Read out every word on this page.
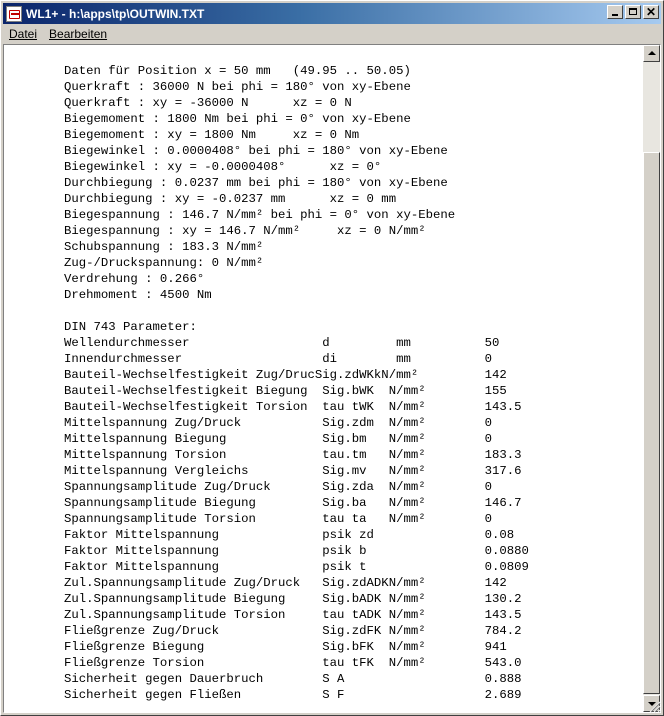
WL1+ - h:\apps\tp\OUTWIN.TXT	✕
Datei	Bearbeiten
Daten für Position x = 50 mm   (49.95 .. 50.05)
Querkraft : 36000 N bei phi = 180° von xy-Ebene
Querkraft : xy = -36000 N      xz = 0 N
Biegemoment : 1800 Nm bei phi = 0° von xy-Ebene
Biegemoment : xy = 1800 Nm     xz = 0 Nm
Biegewinkel : 0.0000408° bei phi = 180° von xy-Ebene
Biegewinkel : xy = -0.0000408°      xz = 0°
Durchbiegung : 0.0237 mm bei phi = 180° von xy-Ebene
Durchbiegung : xy = -0.0237 mm      xz = 0 mm
Biegespannung : 146.7 N/mm² bei phi = 0° von xy-Ebene
Biegespannung : xy = 146.7 N/mm²     xz = 0 N/mm²
Schubspannung : 183.3 N/mm²
Zug-/Druckspannung: 0 N/mm²
Verdrehung : 0.266°
Drehmoment : 4500 Nm
DIN 743 Parameter:
Wellendurchmesser                  d         mm          50
Innendurchmesser                   di        mm          0
Bauteil-Wechselfestigkeit Zug/DrucSig.zdWKkN/mm²         142
Bauteil-Wechselfestigkeit Biegung  Sig.bWK  N/mm²        155
Bauteil-Wechselfestigkeit Torsion  tau tWK  N/mm²        143.5
Mittelspannung Zug/Druck           Sig.zdm  N/mm²        0
Mittelspannung Biegung             Sig.bm   N/mm²        0
Mittelspannung Torsion             tau.tm   N/mm²        183.3
Mittelspannung Vergleichs          Sig.mv   N/mm²        317.6
Spannungsamplitude Zug/Druck       Sig.zda  N/mm²        0
Spannungsamplitude Biegung         Sig.ba   N/mm²        146.7
Spannungsamplitude Torsion         tau ta   N/mm²        0
Faktor Mittelspannung              psik zd               0.08
Faktor Mittelspannung              psik b                0.0880
Faktor Mittelspannung              psik t                0.0809
Zul.Spannungsamplitude Zug/Druck   Sig.zdADKN/mm²        142
Zul.Spannungsamplitude Biegung     Sig.bADK N/mm²        130.2
Zul.Spannungsamplitude Torsion     tau tADK N/mm²        143.5
Fließgrenze Zug/Druck              Sig.zdFK N/mm²        784.2
Fließgrenze Biegung                Sig.bFK  N/mm²        941
Fließgrenze Torsion                tau tFK  N/mm²        543.0
Sicherheit gegen Dauerbruch        S A                   0.888
Sicherheit gegen Fließen           S F                   2.689
